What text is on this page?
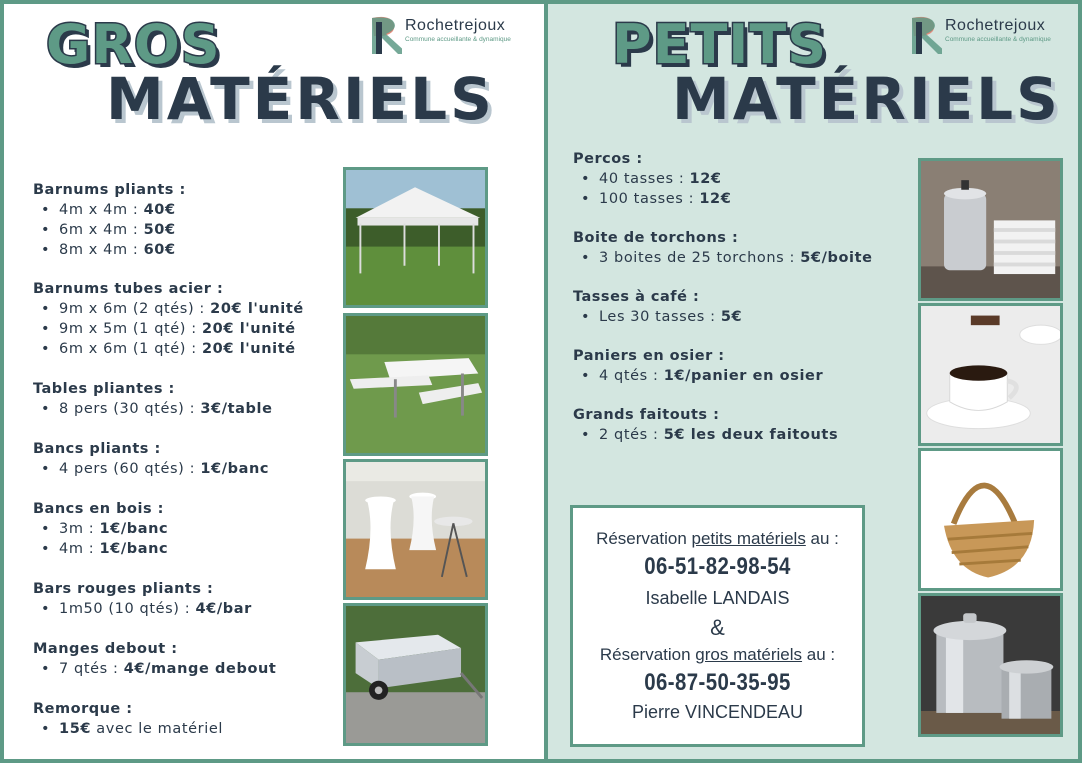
GROS
MATÉRIELS
PETITS
MATÉRIELS
Rochetrejoux
Commune accueillante & dynamique
Rochetrejoux
Commune accueillante & dynamique
Barnums pliants :
• 4m x 4m : 40€
• 6m x 4m : 50€
• 8m x 4m : 60€
Barnums tubes acier :
• 9m x 6m (2 qtés) : 20€ l'unité
• 9m x 5m (1 qté) : 20€ l'unité
• 6m x 6m (1 qté) : 20€ l'unité
Tables pliantes :
• 8 pers (30 qtés) : 3€/table
Bancs pliants :
• 4 pers (60 qtés) : 1€/banc
Bancs en bois :
• 3m : 1€/banc
• 4m : 1€/banc
Bars rouges pliants :
• 1m50 (10 qtés) : 4€/bar
Manges debout :
• 7 qtés : 4€/mange debout
Remorque :
• 15€ avec le matériel
Percos :
• 40 tasses : 12€
• 100 tasses : 12€
Boite de torchons :
• 3 boites de 25 torchons : 5€/boite
Tasses à café :
• Les 30 tasses : 5€
Paniers en osier :
• 4 qtés : 1€/panier en osier
Grands faitouts :
• 2 qtés : 5€ les deux faitouts
Réservation petits matériels au :
06-51-82-98-54
Isabelle LANDAIS
&
Réservation gros matériels au :
06-87-50-35-95
Pierre VINCENDEAU
